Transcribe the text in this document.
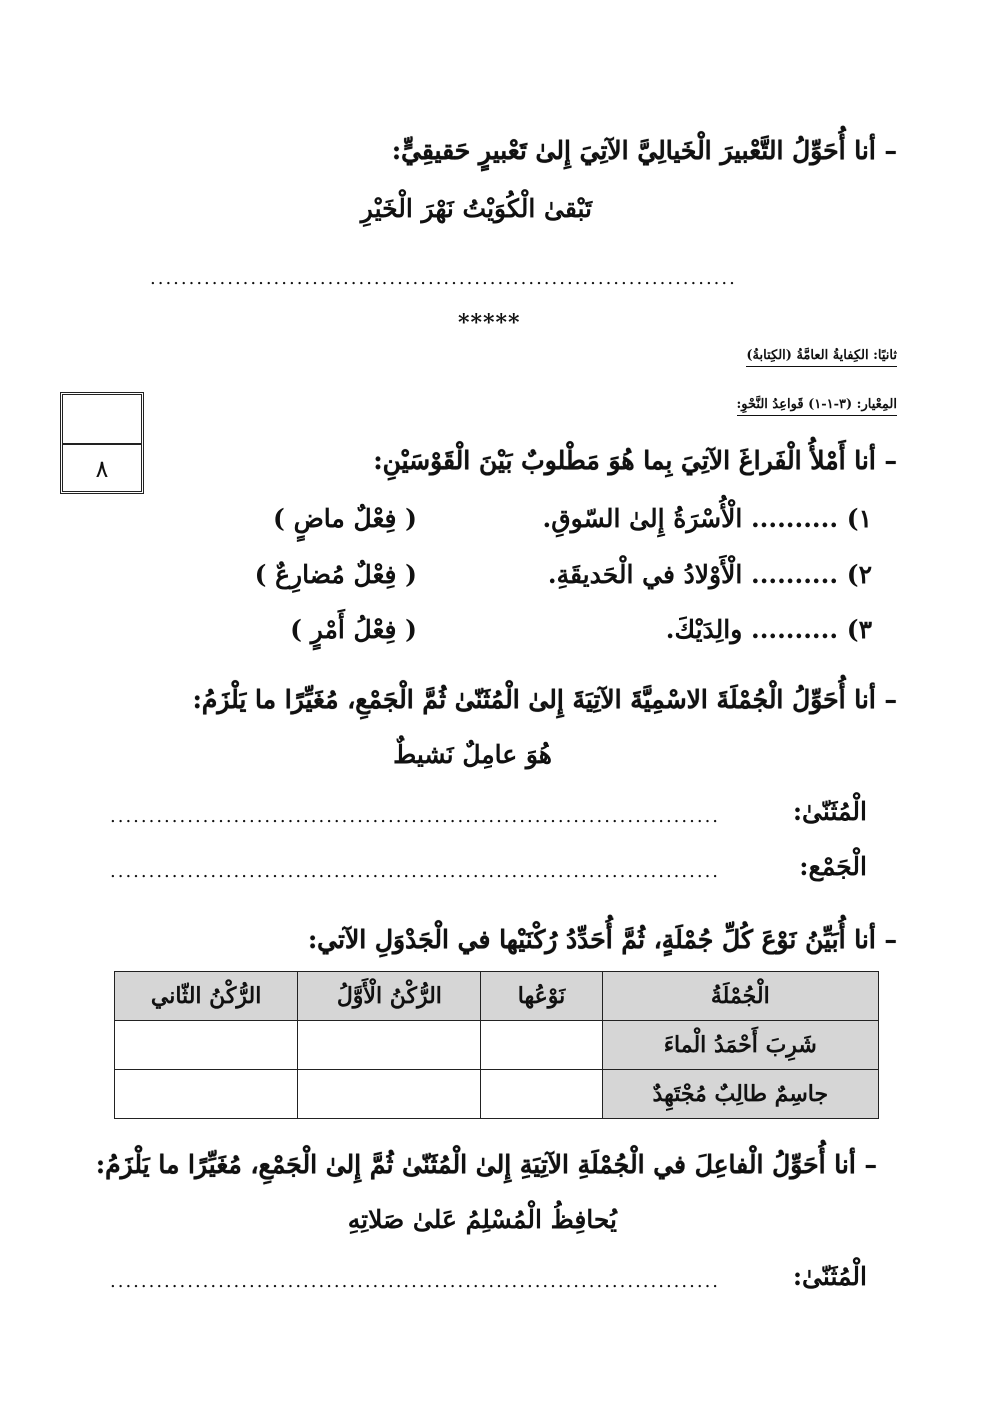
– أنا أُحَوِّلُ التَّعْبيرَ الْخَيالِيَّ الآتِيَ إِلىٰ تَعْبيرٍ حَقيقِيٍّ:
تَبْقىٰ الْكُوَيْتُ نَهْرَ الْخَيْرِ
............................................................................
*****
ثانيًا: الكِفايةُ العامَّةُ (الكِتابةُ)
المِعْيار: (٣-١-١) قَواعِدُ النَّحْوِ:
٨	– أنا أَمْلأُ الْفَراغَ الآتِيَ بِما هُوَ مَطْلوبٌ بَيْنَ الْقَوْسَيْنِ:
١) .......... الْأُسْرَةُ إِلىٰ السّوقِ.
( فِعْلٌ ماضٍ )
٢) .......... الْأَوْلادُ في الْحَديقَةِ.
( فِعْلٌ مُضارِعٌ )
٣) .......... والِدَيْكَ.
( فِعْلُ أَمْرٍ )
– أنا أُحَوِّلُ الْجُمْلَةَ الاسْمِيَّةَ الآتِيَةَ إِلىٰ الْمُثَنّىٰ ثُمَّ الْجَمْعِ، مُغَيِّرًا ما يَلْزَمُ:
هُوَ عامِلٌ نَشيطٌ
الْمُثَنّىٰ:
...............................................................................
الْجَمْع:
...............................................................................
– أنا أُبَيِّنُ نَوْعَ كُلِّ جُمْلَةٍ، ثُمَّ أُحَدِّدُ رُكْنَيْها في الْجَدْوَلِ الآتي:
الْجُمْلَةُ	نَوْعُها	الرُّكْنُ الْأَوَّلُ	الرُّكْنُ الثّاني
شَرِبَ أَحْمَدُ الْماءَ			
جاسِمٌ طالِبٌ مُجْتَهِدٌ			
– أنا أُحَوِّلُ الْفاعِلَ في الْجُمْلَةِ الآتِيَةِ إِلىٰ الْمُثَنّىٰ ثُمَّ إِلىٰ الْجَمْعِ، مُغَيِّرًا ما يَلْزَمُ:
يُحافِظُ الْمُسْلِمُ عَلىٰ صَلاتِهِ
الْمُثَنّىٰ:
...............................................................................
